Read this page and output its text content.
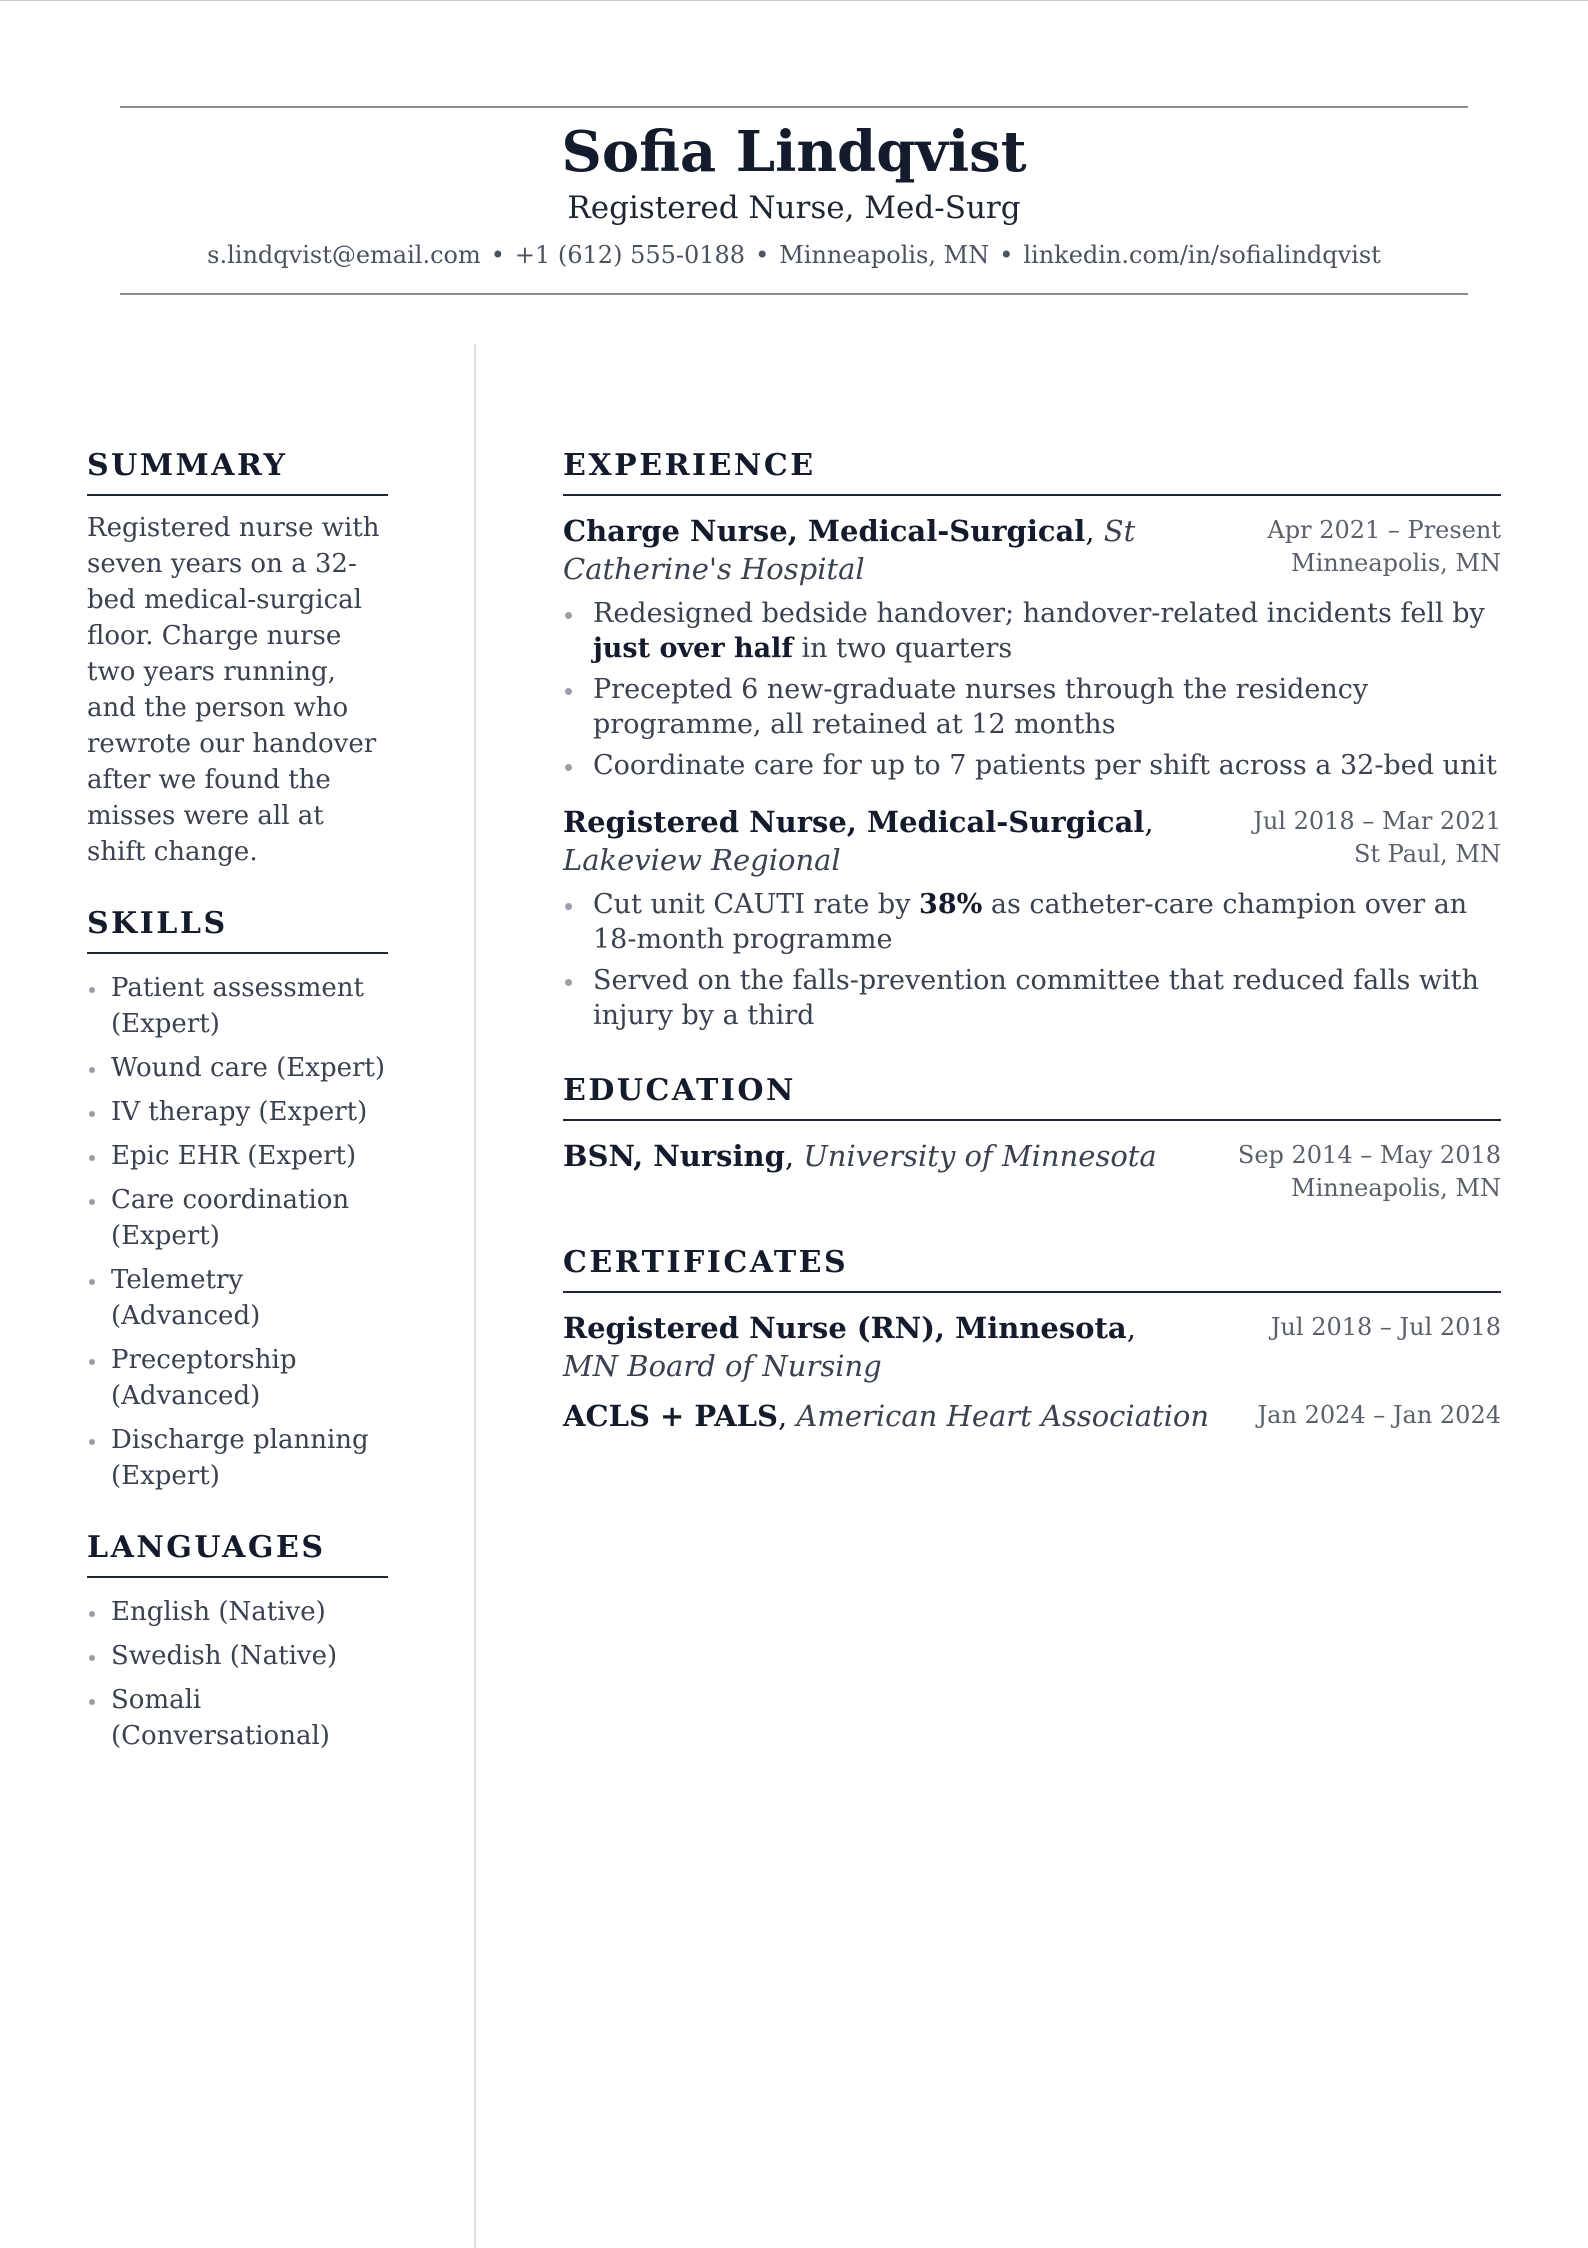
Sofia Lindqvist
Registered Nurse, Med-Surg
s.lindqvist@email.com • +1 (612) 555-0188 • Minneapolis, MN • linkedin.com/in/sofialindqvist
SUMMARY

Registered nurse with seven years on a 32-bed medical-surgical floor. Charge nurse two years running, and the person who rewrote our handover after we found the misses were all at shift change.

SKILLS
Patient assessment (Expert)
Wound care (Expert)
IV therapy (Expert)
Epic EHR (Expert)
Care coordination (Expert)
Telemetry (Advanced)
Preceptorship (Advanced)
Discharge planning (Expert)
LANGUAGES
English (Native)
Swedish (Native)
Somali (Conversational)
EXPERIENCE
Charge Nurse, Medical-Surgical, St Catherine's Hospital
Apr 2021 – Present
Minneapolis, MN
Redesigned bedside handover; handover-related incidents fell by just over half in two quarters
Precepted 6 new-graduate nurses through the residency programme, all retained at 12 months
Coordinate care for up to 7 patients per shift across a 32-bed unit
Registered Nurse, Medical-Surgical, Lakeview Regional
Jul 2018 – Mar 2021
St Paul, MN
Cut unit CAUTI rate by 38% as catheter-care champion over an 18-month programme
Served on the falls-prevention committee that reduced falls with injury by a third
EDUCATION
BSN, Nursing, University of Minnesota	Sep 2014 – May 2018
Minneapolis, MN
CERTIFICATES
Registered Nurse (RN), Minnesota, MN Board of Nursing
Jul 2018 – Jul 2018
ACLS + PALS, American Heart Association Jan 2024 – Jan 2024
